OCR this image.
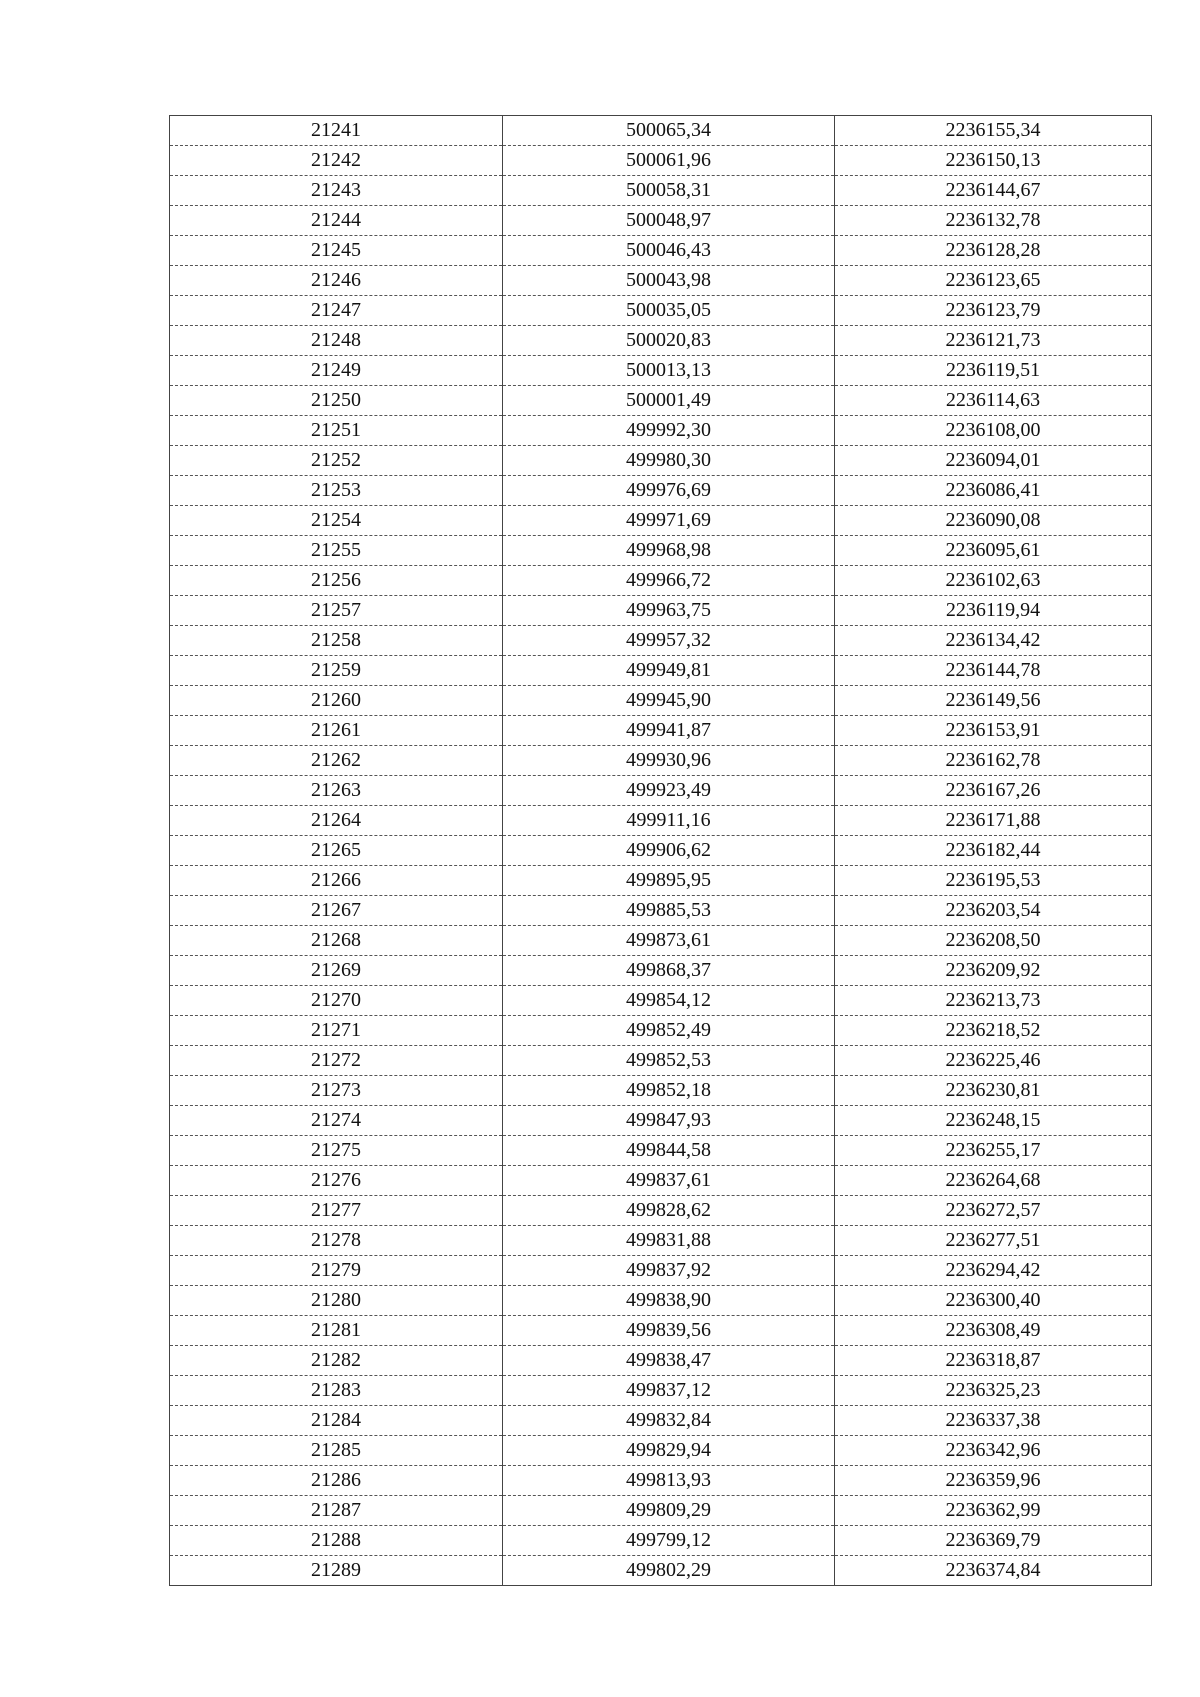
21241	500065,34	2236155,34
21242	500061,96	2236150,13
21243	500058,31	2236144,67
21244	500048,97	2236132,78
21245	500046,43	2236128,28
21246	500043,98	2236123,65
21247	500035,05	2236123,79
21248	500020,83	2236121,73
21249	500013,13	2236119,51
21250	500001,49	2236114,63
21251	499992,30	2236108,00
21252	499980,30	2236094,01
21253	499976,69	2236086,41
21254	499971,69	2236090,08
21255	499968,98	2236095,61
21256	499966,72	2236102,63
21257	499963,75	2236119,94
21258	499957,32	2236134,42
21259	499949,81	2236144,78
21260	499945,90	2236149,56
21261	499941,87	2236153,91
21262	499930,96	2236162,78
21263	499923,49	2236167,26
21264	499911,16	2236171,88
21265	499906,62	2236182,44
21266	499895,95	2236195,53
21267	499885,53	2236203,54
21268	499873,61	2236208,50
21269	499868,37	2236209,92
21270	499854,12	2236213,73
21271	499852,49	2236218,52
21272	499852,53	2236225,46
21273	499852,18	2236230,81
21274	499847,93	2236248,15
21275	499844,58	2236255,17
21276	499837,61	2236264,68
21277	499828,62	2236272,57
21278	499831,88	2236277,51
21279	499837,92	2236294,42
21280	499838,90	2236300,40
21281	499839,56	2236308,49
21282	499838,47	2236318,87
21283	499837,12	2236325,23
21284	499832,84	2236337,38
21285	499829,94	2236342,96
21286	499813,93	2236359,96
21287	499809,29	2236362,99
21288	499799,12	2236369,79
21289	499802,29	2236374,84
